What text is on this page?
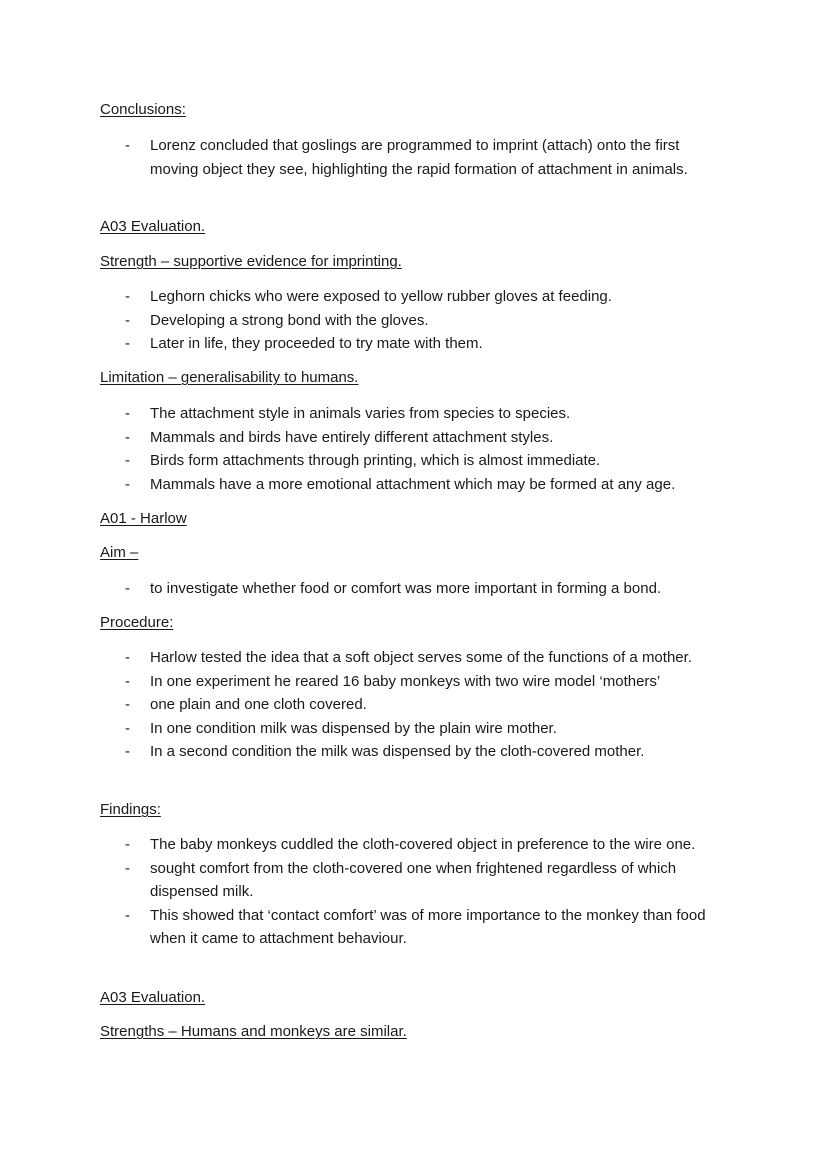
Conclusions:
- Lorenz concluded that goslings are programmed to imprint (attach) onto the first moving object they see, highlighting the rapid formation of attachment in animals.
A03 Evaluation.
Strength – supportive evidence for imprinting.
- Leghorn chicks who were exposed to yellow rubber gloves at feeding.
- Developing a strong bond with the gloves.
- Later in life, they proceeded to try mate with them.
Limitation – generalisability to humans.
- The attachment style in animals varies from species to species.
- Mammals and birds have entirely different attachment styles.
- Birds form attachments through printing, which is almost immediate.
- Mammals have a more emotional attachment which may be formed at any age.
A01 - Harlow
Aim –
- to investigate whether food or comfort was more important in forming a bond.
Procedure:
- Harlow tested the idea that a soft object serves some of the functions of a mother.
- In one experiment he reared 16 baby monkeys with two wire model ‘mothers’
- one plain and one cloth covered.
- In one condition milk was dispensed by the plain wire mother.
- In a second condition the milk was dispensed by the cloth-covered mother.
Findings:
- The baby monkeys cuddled the cloth-covered object in preference to the wire one.
- sought comfort from the cloth-covered one when frightened regardless of which dispensed milk.
- This showed that ‘contact comfort’ was of more importance to the monkey than food when it came to attachment behaviour.
A03 Evaluation.
Strengths – Humans and monkeys are similar.
